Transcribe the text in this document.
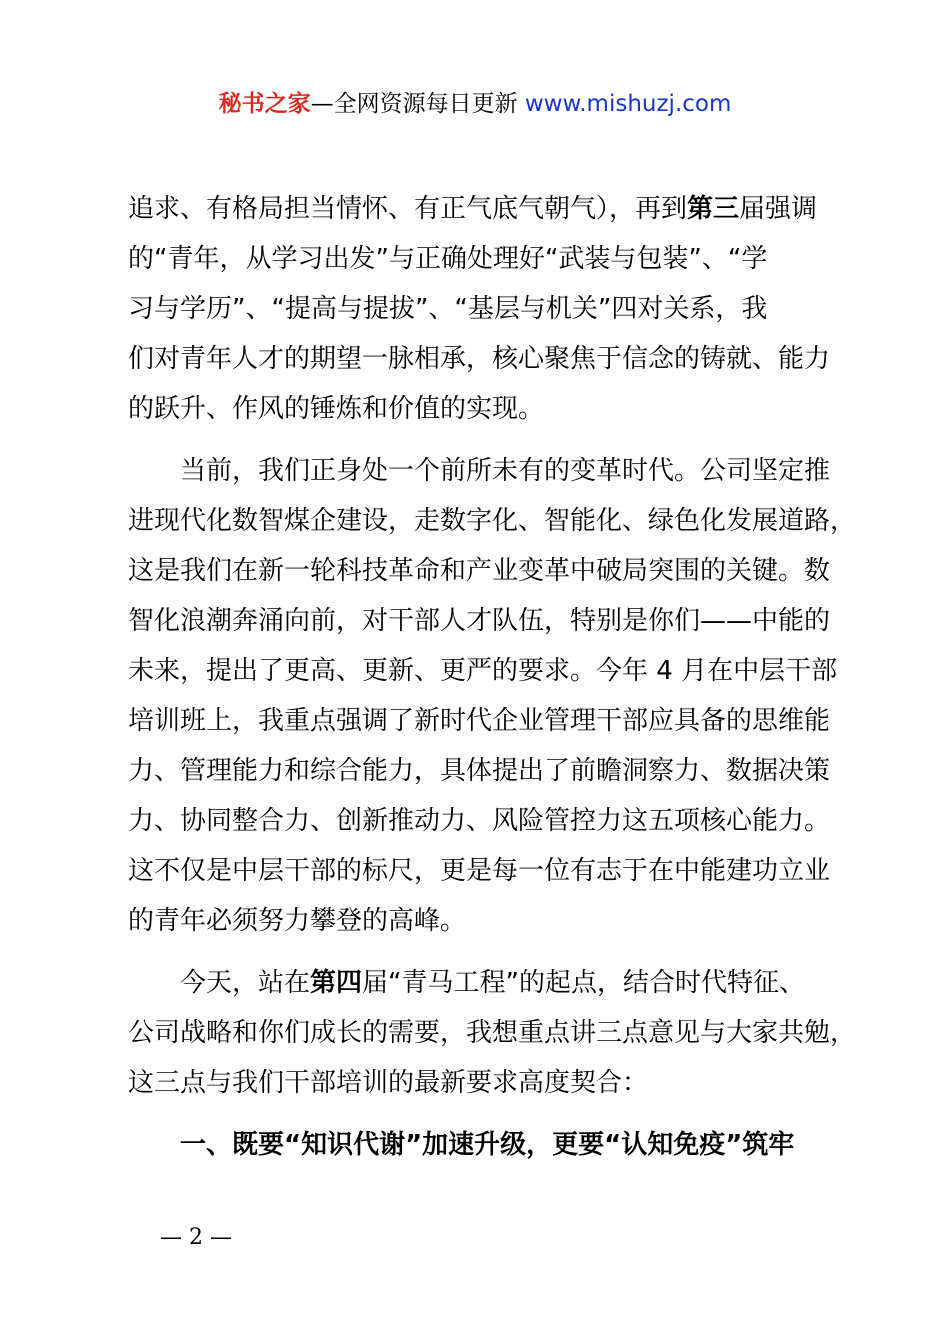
秘书之家—全网资源每日更新 www.mishuzj.com
追求、有格局担当情怀、有正气底气朝气），再到第三届强调
的“青年，从学习出发”与正确处理好“武装与包装”、“学
习与学历”、“提高与提拔”、“基层与机关”四对关系，我
们对青年人才的期望一脉相承，核心聚焦于信念的铸就、能力
的跃升、作风的锤炼和价值的实现。
当前，我们正身处一个前所未有的变革时代。公司坚定推
进现代化数智煤企建设，走数字化、智能化、绿色化发展道路，
这是我们在新一轮科技革命和产业变革中破局突围的关键。数
智化浪潮奔涌向前，对干部人才队伍，特别是你们——中能的
未来，提出了更高、更新、更严的要求。今年 4 月在中层干部
培训班上，我重点强调了新时代企业管理干部应具备的思维能
力、管理能力和综合能力，具体提出了前瞻洞察力、数据决策
力、协同整合力、创新推动力、风险管控力这五项核心能力。
这不仅是中层干部的标尺，更是每一位有志于在中能建功立业
的青年必须努力攀登的高峰。
今天，站在第四届“青马工程”的起点，结合时代特征、
公司战略和你们成长的需要，我想重点讲三点意见与大家共勉，
这三点与我们干部培训的最新要求高度契合：
一、既要“知识代谢”加速升级，更要“认知免疫”筑牢
— 2 —
